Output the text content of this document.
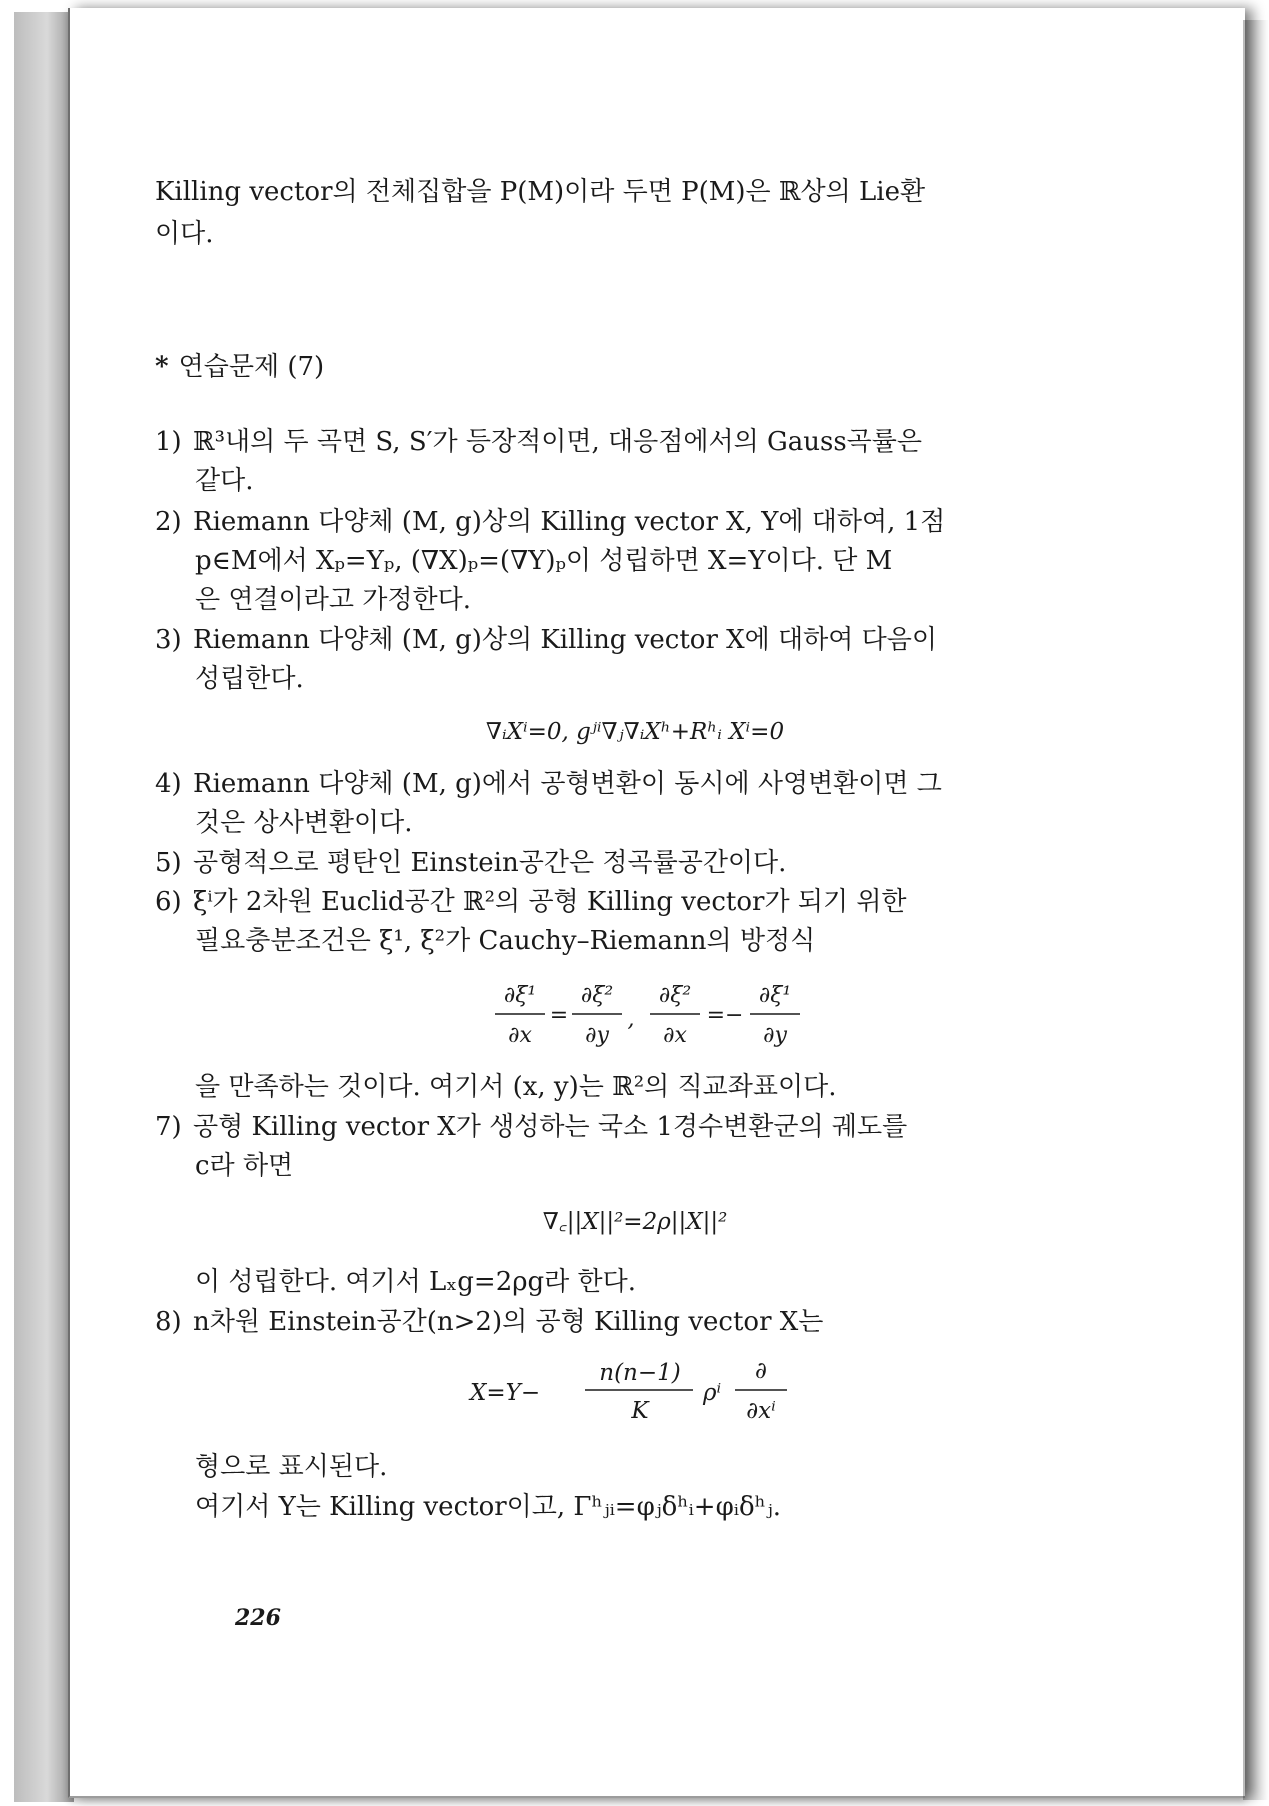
Killing vector의 전체집합을 P(M)이라 두면 P(M)은 ℝ상의 Lie환
이다.
* 연습문제 (7)
1) ℝ³내의 두 곡면 S, S′가 등장적이면, 대응점에서의 Gauss곡률은
같다.
2) Riemann 다양체 (M, g)상의 Killing vector X, Y에 대하여, 1점
p∈M에서 Xₚ=Yₚ, (∇X)ₚ=(∇Y)ₚ이 성립하면 X=Y이다. 단 M
은 연결이라고 가정한다.
3) Riemann 다양체 (M, g)상의 Killing vector X에 대하여 다음이
성립한다.
∇ᵢXⁱ=0, gʲⁱ∇ⱼ∇ᵢXʰ+Rʰᵢ Xⁱ=0
4) Riemann 다양체 (M, g)에서 공형변환이 동시에 사영변환이면 그
것은 상사변환이다.
5) 공형적으로 평탄인 Einstein공간은 정곡률공간이다.
6) ξⁱ가 2차원 Euclid공간 ℝ²의 공형 Killing vector가 되기 위한
필요충분조건은 ξ¹, ξ²가 Cauchy–Riemann의 방정식
∂ξ¹
∂x
=
∂ξ²
∂y
,
∂ξ²
∂x
=−
∂ξ¹
∂y
을 만족하는 것이다. 여기서 (x, y)는 ℝ²의 직교좌표이다.
7) 공형 Killing vector X가 생성하는 국소 1경수변환군의 궤도를
c라 하면
∇꜀||X||²=2ρ||X||²
이 성립한다. 여기서 Lₓg=2ρg라 한다.
8) n차원 Einstein공간(n>2)의 공형 Killing vector X는
X=Y−
n(n−1)
K
ρⁱ
∂
∂xⁱ
형으로 표시된다.
여기서 Y는 Killing vector이고, Γʰⱼᵢ=φⱼδʰᵢ+φᵢδʰⱼ.
226
